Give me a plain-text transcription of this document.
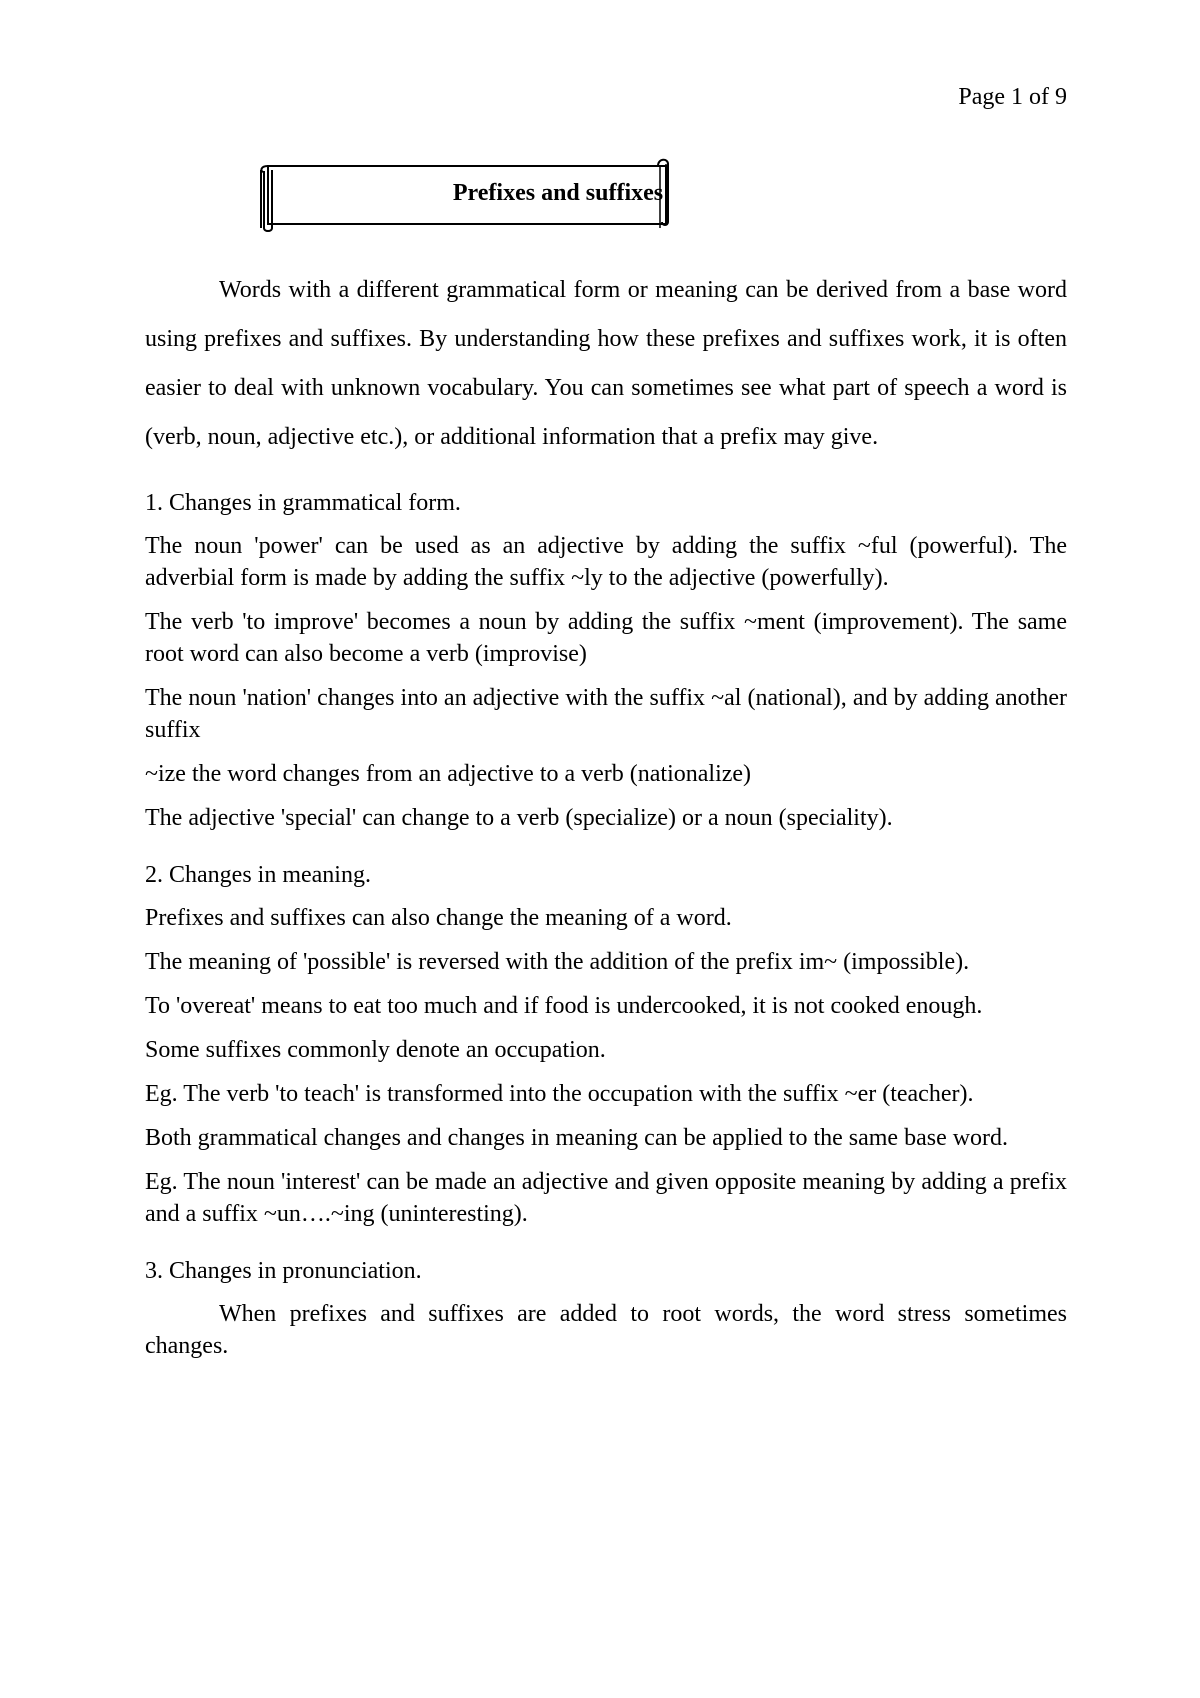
Page 1 of 9
Prefixes and suffixes

Words with a different grammatical form or meaning can be derived from a base word using prefixes and suffixes. By understanding how these prefixes and suffixes work, it is often easier to deal with unknown vocabulary. You can sometimes see what part of speech a word is (verb, noun, adjective etc.), or additional information that a prefix may give.

1. Changes in grammatical form.

The noun 'power' can be used as an adjective by adding the suffix ~ful (powerful). The adverbial form is made by adding the suffix ~ly to the adjective (powerfully).

The verb 'to improve' becomes a noun by adding the suffix ~ment (improvement). The same root word can also become a verb (improvise)

The noun 'nation' changes into an adjective with the suffix ~al (national), and by adding another suffix

~ize the word changes from an adjective to a verb (nationalize)

The adjective 'special' can change to a verb (specialize) or a noun (speciality).

2. Changes in meaning.

Prefixes and suffixes can also change the meaning of a word.

The meaning of 'possible' is reversed with the addition of the prefix im~ (impossible).

To 'overeat' means to eat too much and if food is undercooked, it is not cooked enough.

Some suffixes commonly denote an occupation.

Eg. The verb 'to teach' is transformed into the occupation with the suffix ~er (teacher).

Both grammatical changes and changes in meaning can be applied to the same base word.

Eg. The noun 'interest' can be made an adjective and given opposite meaning by adding a prefix and a suffix ~un….~ing (uninteresting).

3. Changes in pronunciation.

When prefixes and suffixes are added to root words, the word stress sometimes changes.
